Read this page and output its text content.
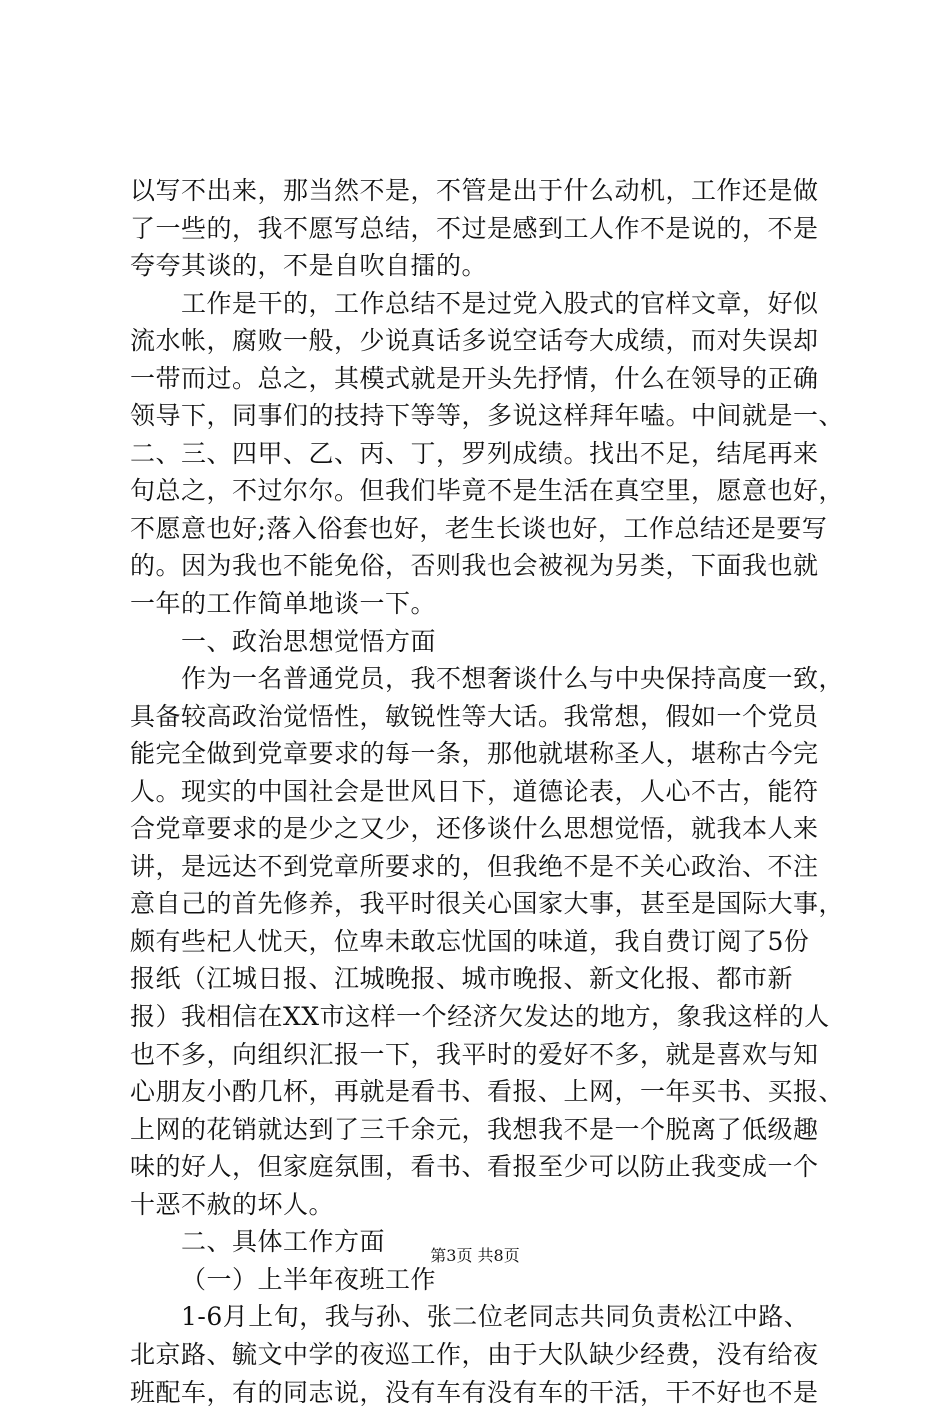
以写不出来，那当然不是，不管是出于什么动机，工作还是做
了一些的，我不愿写总结，不过是感到工人作不是说的，不是
夸夸其谈的，不是自吹自擂的。
工作是干的，工作总结不是过党入股式的官样文章，好似
流水帐，腐败一般，少说真话多说空话夸大成绩，而对失误却
一带而过。总之，其模式就是开头先抒情，什么在领导的正确
领导下，同事们的技持下等等，多说这样拜年嗑。中间就是一、
二、三、四甲、乙、丙、丁，罗列成绩。找出不足，结尾再来
句总之，不过尔尔。但我们毕竟不是生活在真空里，愿意也好，
不愿意也好;落入俗套也好，老生长谈也好，工作总结还是要写
的。因为我也不能免俗，否则我也会被视为另类，下面我也就
一年的工作简单地谈一下。
一、政治思想觉悟方面
作为一名普通党员，我不想奢谈什么与中央保持高度一致，
具备较高政治觉悟性，敏锐性等大话。我常想，假如一个党员
能完全做到党章要求的每一条，那他就堪称圣人，堪称古今完
人。现实的中国社会是世风日下，道德论表，人心不古，能符
合党章要求的是少之又少，还侈谈什么思想觉悟，就我本人来
讲，是远达不到党章所要求的，但我绝不是不关心政治、不注
意自己的首先修养，我平时很关心国家大事，甚至是国际大事，
颇有些杞人忧天，位卑未敢忘忧国的味道，我自费订阅了5份
报纸（江城日报、江城晚报、城市晚报、新文化报、都市新
报）我相信在XX市这样一个经济欠发达的地方，象我这样的人
也不多，向组织汇报一下，我平时的爱好不多，就是喜欢与知
心朋友小酌几杯，再就是看书、看报、上网，一年买书、买报、
上网的花销就达到了三千余元，我想我不是一个脱离了低级趣
味的好人，但家庭氛围，看书、看报至少可以防止我变成一个
十恶不赦的坏人。
二、具体工作方面
（一）上半年夜班工作
1-6月上旬，我与孙、张二位老同志共同负责松江中路、
北京路、毓文中学的夜巡工作，由于大队缺少经费，没有给夜
班配车，有的同志说，没有车有没有车的干活，干不好也不是
第3页 共8页
